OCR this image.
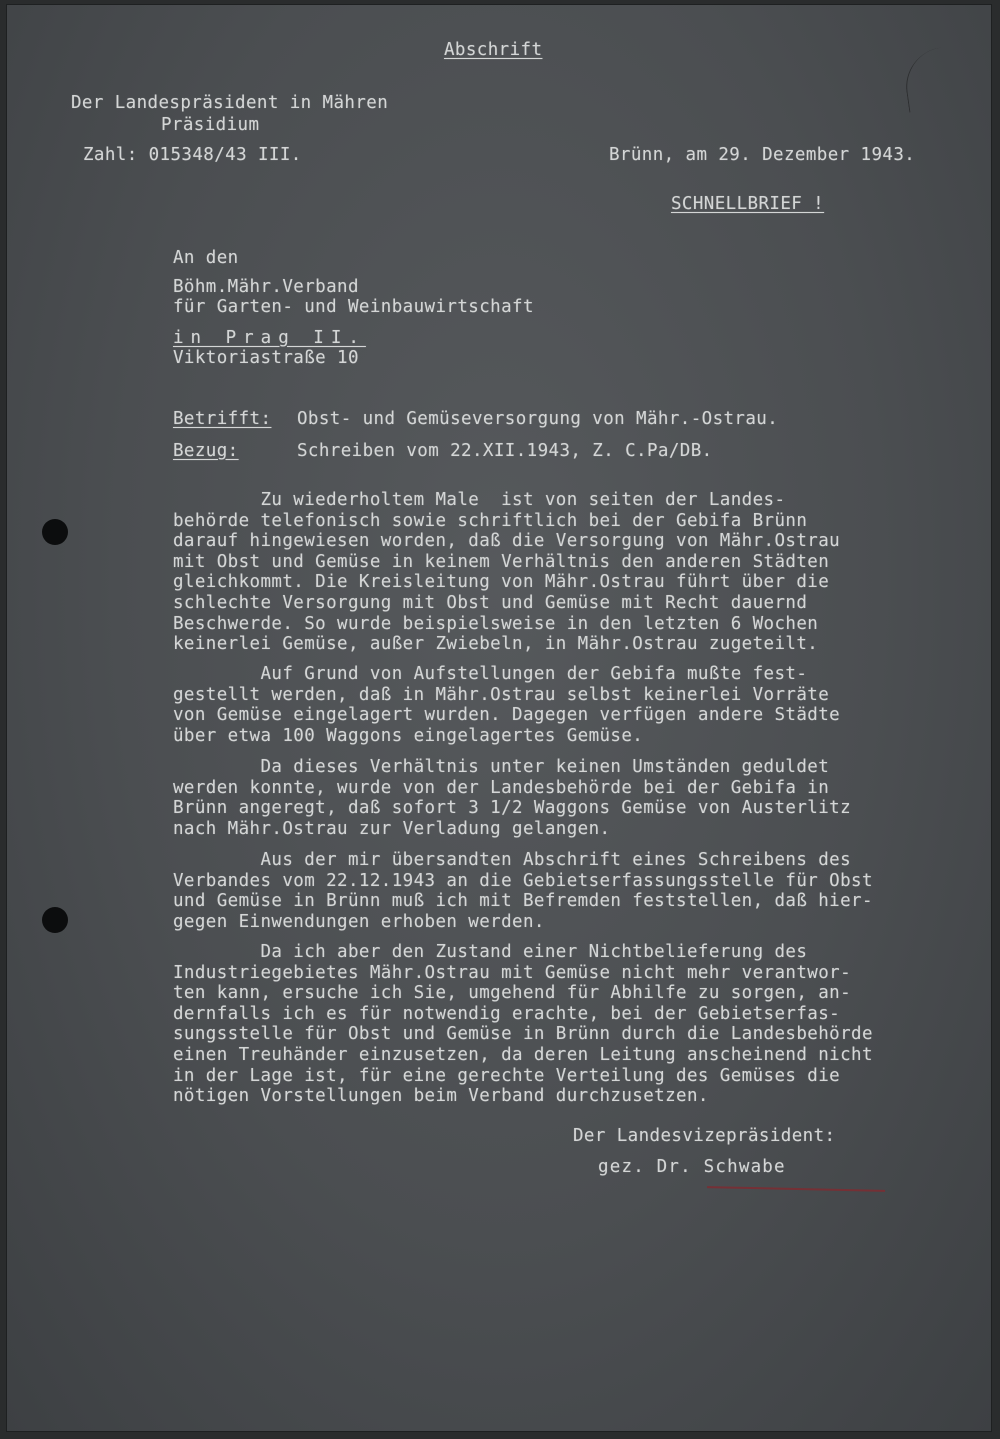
Abschrift
Der Landespräsident in Mähren
Präsidium
Zahl: 015348/43 III.	Brünn, am 29. Dezember 1943.
SCHNELLBRIEF !
An den
Böhm.Mähr.Verband
für Garten- und Weinbauwirtschaft
in Prag II.
Viktoriastraße 10
Betrifft: Obst- und Gemüseversorgung von Mähr.-Ostrau.
Bezug:	Schreiben vom 22.XII.1943, Z. C.Pa/DB.
Zu wiederholtem Male  ist von seiten der Landes-
behörde telefonisch sowie schriftlich bei der Gebifa Brünn
darauf hingewiesen worden, daß die Versorgung von Mähr.Ostrau
mit Obst und Gemüse in keinem Verhältnis den anderen Städten
gleichkommt. Die Kreisleitung von Mähr.Ostrau führt über die
schlechte Versorgung mit Obst und Gemüse mit Recht dauernd
Beschwerde. So wurde beispielsweise in den letzten 6 Wochen
keinerlei Gemüse, außer Zwiebeln, in Mähr.Ostrau zugeteilt.
Auf Grund von Aufstellungen der Gebifa mußte fest-
gestellt werden, daß in Mähr.Ostrau selbst keinerlei Vorräte
von Gemüse eingelagert wurden. Dagegen verfügen andere Städte
über etwa 100 Waggons eingelagertes Gemüse.
Da dieses Verhältnis unter keinen Umständen geduldet
werden konnte, wurde von der Landesbehörde bei der Gebifa in
Brünn angeregt, daß sofort 3 1/2 Waggons Gemüse von Austerlitz
nach Mähr.Ostrau zur Verladung gelangen.
Aus der mir übersandten Abschrift eines Schreibens des
Verbandes vom 22.12.1943 an die Gebietserfassungsstelle für Obst
und Gemüse in Brünn muß ich mit Befremden feststellen, daß hier-
gegen Einwendungen erhoben werden.
Da ich aber den Zustand einer Nichtbelieferung des
Industriegebietes Mähr.Ostrau mit Gemüse nicht mehr verantwor-
ten kann, ersuche ich Sie, umgehend für Abhilfe zu sorgen, an-
dernfalls ich es für notwendig erachte, bei der Gebietserfas-
sungsstelle für Obst und Gemüse in Brünn durch die Landesbehörde
einen Treuhänder einzusetzen, da deren Leitung anscheinend nicht
in der Lage ist, für eine gerechte Verteilung des Gemüses die
nötigen Vorstellungen beim Verband durchzusetzen.
Der Landesvizepräsident:
gez. Dr. Schwabe
